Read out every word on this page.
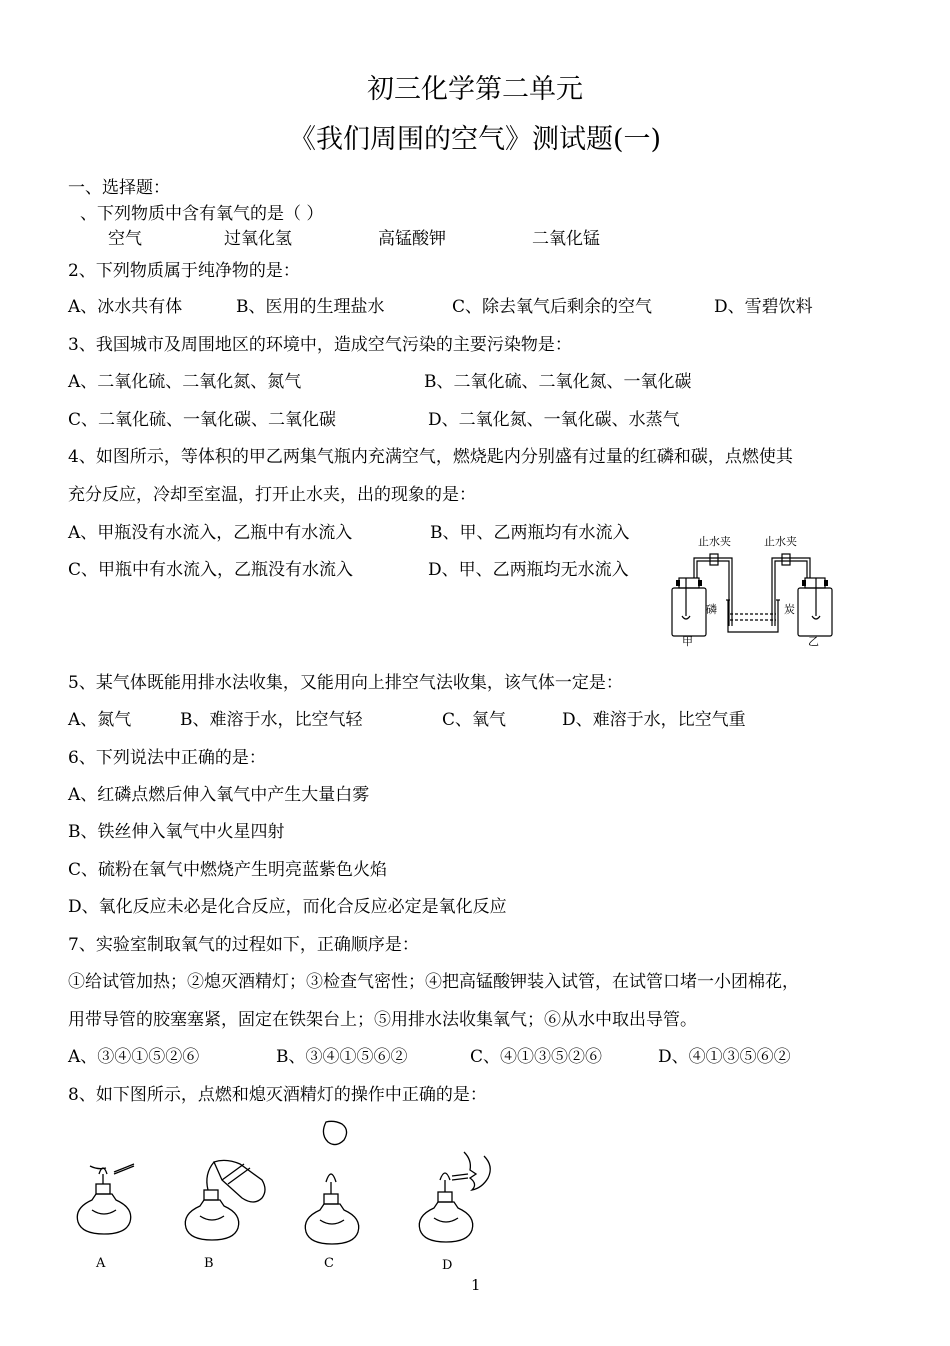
初三化学第二单元
《我们周围的空气》测试题(一)
一、选择题：
、下列物质中含有氧气的是（ ）
空气	过氧化氢	高锰酸钾	二氧化锰
2、下列物质属于纯净物的是：
A、冰水共有体	B、医用的生理盐水	C、除去氧气后剩余的空气	D、雪碧饮料
3、我国城市及周围地区的环境中，造成空气污染的主要污染物是：
A、二氧化硫、二氧化氮、氮气	B、二氧化硫、二氧化氮、一氧化碳
C、二氧化硫、一氧化碳、二氧化碳	D、二氧化氮、一氧化碳、水蒸气
4、如图所示，等体积的甲乙两集气瓶内充满空气，燃烧匙内分别盛有过量的红磷和碳，点燃使其
充分反应，冷却至室温，打开止水夹，出的现象的是：
A、甲瓶没有水流入，乙瓶中有水流入	B、甲、乙两瓶均有水流入
C、甲瓶中有水流入，乙瓶没有水流入	D、甲、乙两瓶均无水流入
止水夹	止水夹
磷	炭
甲	乙
5、某气体既能用排水法收集，又能用向上排空气法收集，该气体一定是：
A、氮气	B、难溶于水，比空气轻	C、氧气	D、难溶于水，比空气重
6、下列说法中正确的是：
A、红磷点燃后伸入氧气中产生大量白雾
B、铁丝伸入氧气中火星四射
C、硫粉在氧气中燃烧产生明亮蓝紫色火焰
D、氧化反应未必是化合反应，而化合反应必定是氧化反应
7、实验室制取氧气的过程如下，正确顺序是：
①给试管加热；②熄灭酒精灯；③检查气密性；④把高锰酸钾装入试管，在试管口堵一小团棉花，
用带导管的胶塞塞紧，固定在铁架台上；⑤用排水法收集氧气；⑥从水中取出导管。
A、③④①⑤②⑥	B、③④①⑤⑥②	C、④①③⑤②⑥	D、④①③⑤⑥②
8、如下图所示，点燃和熄灭酒精灯的操作中正确的是：
A	B	C	D
1
